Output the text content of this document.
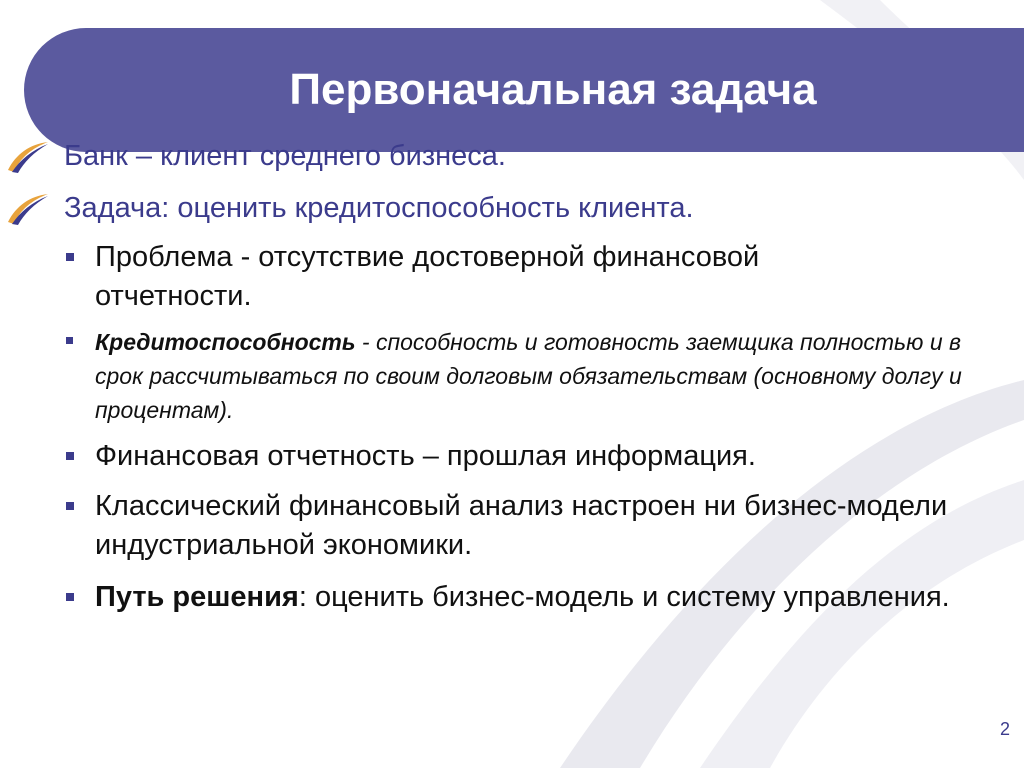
Первоначальная задача
Банк – клиент среднего бизнеса.
Задача: оценить кредитоспособность клиента.
Проблема - отсутствие достоверной финансовой отчетности.
Кредитоспособность - способность и готовность заемщика полностью и в срок рассчитываться по своим долговым обязательствам (основному долгу и процентам).
Финансовая отчетность – прошлая информация.
Классический финансовый анализ настроен ни бизнес-модели индустриальной экономики.
Путь решения: оценить бизнес-модель и систему управления.
2
